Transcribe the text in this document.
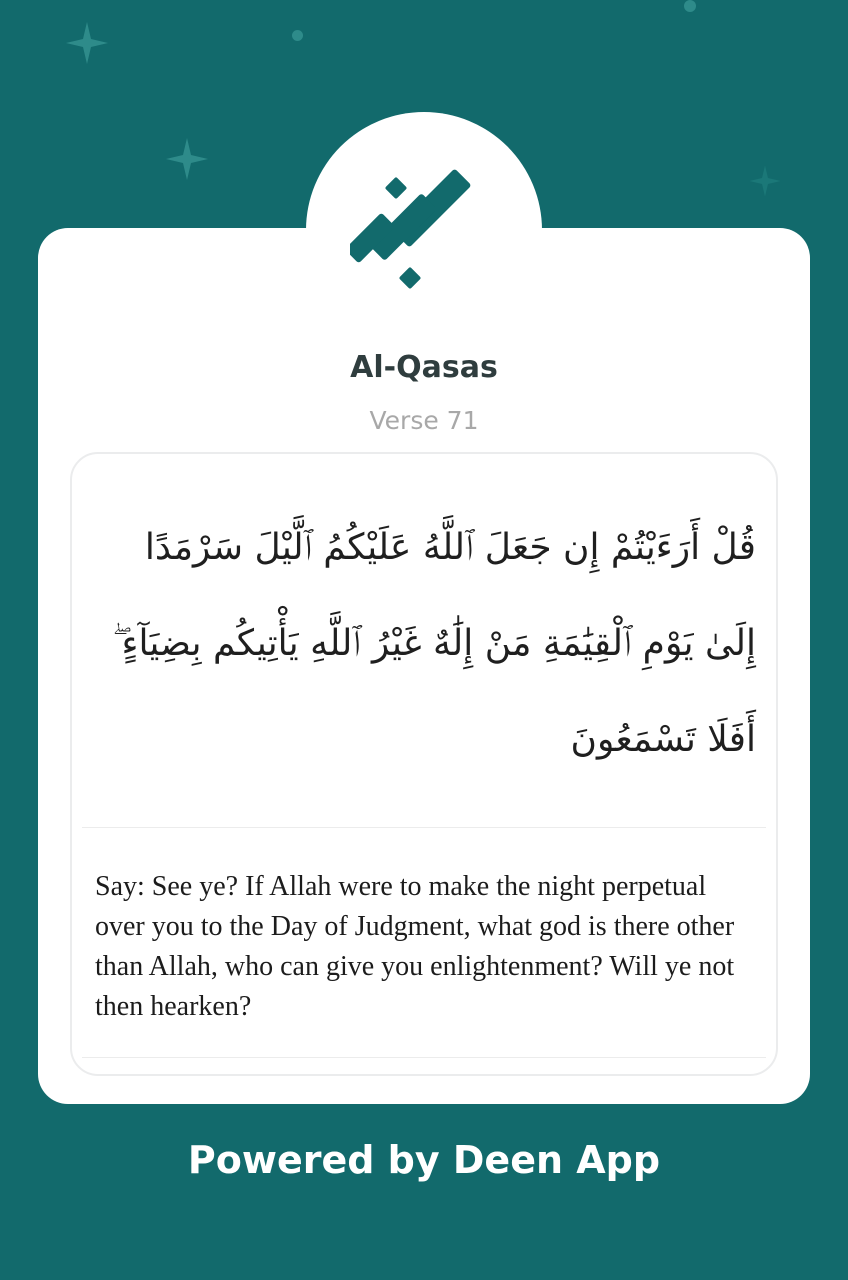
Al-Qasas
Verse 71
قُلْ أَرَءَيْتُمْ إِن جَعَلَ ٱللَّهُ عَلَيْكُمُ ٱلَّيْلَ سَرْمَدًا إِلَىٰ يَوْمِ ٱلْقِيَٰمَةِ مَنْ إِلَٰهٌ غَيْرُ ٱللَّهِ يَأْتِيكُم بِضِيَآءٍ ۖ أَفَلَا تَسْمَعُونَ
Say: See ye? If Allah were to make the night perpetual over you to the Day of Judgment, what god is there other than Allah, who can give you enlightenment? Will ye not then hearken?
Powered by Deen App
